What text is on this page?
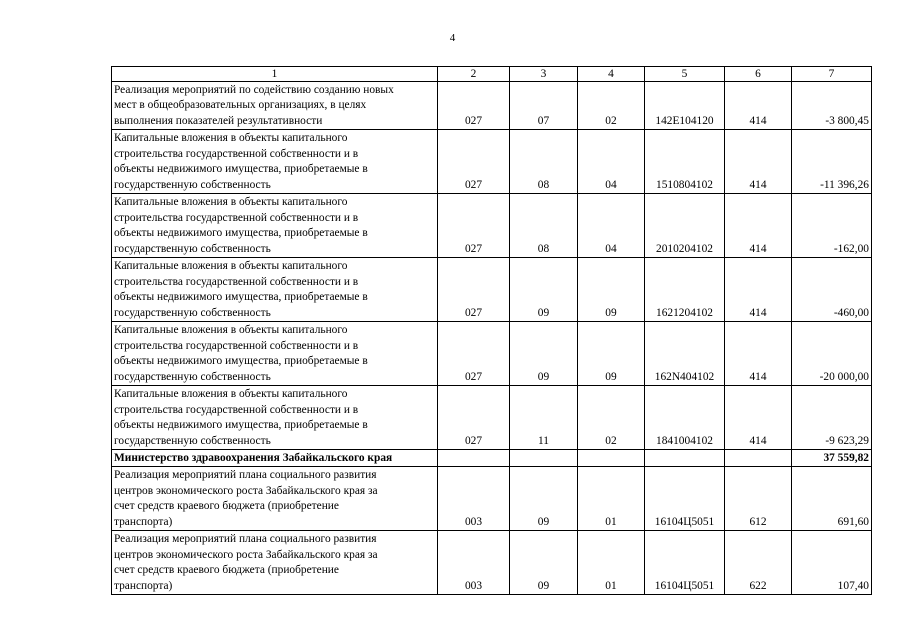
4
1	2	3	4	5	6	7
Реализация мероприятий по содействию созданию новых
мест в общеобразовательных организациях, в целях
выполнения показателей результативности	027	07	02	142E104120	414	-3 800,45
Капитальные вложения в объекты капитального
строительства государственной собственности и в
объекты недвижимого имущества, приобретаемые в
государственную собственность	027	08	04	1510804102	414	-11 396,26
Капитальные вложения в объекты капитального
строительства государственной собственности и в
объекты недвижимого имущества, приобретаемые в
государственную собственность	027	08	04	2010204102	414	-162,00
Капитальные вложения в объекты капитального
строительства государственной собственности и в
объекты недвижимого имущества, приобретаемые в
государственную собственность	027	09	09	1621204102	414	-460,00
Капитальные вложения в объекты капитального
строительства государственной собственности и в
объекты недвижимого имущества, приобретаемые в
государственную собственность	027	09	09	162N404102	414	-20 000,00
Капитальные вложения в объекты капитального
строительства государственной собственности и в
объекты недвижимого имущества, приобретаемые в
государственную собственность	027	11	02	1841004102	414	-9 623,29
Министерство здравоохранения Забайкальского края						37 559,82
Реализация мероприятий плана социального развития
центров экономического роста Забайкальского края за
счет средств краевого бюджета (приобретение
транспорта)	003	09	01	16104Ц5051	612	691,60
Реализация мероприятий плана социального развития
центров экономического роста Забайкальского края за
счет средств краевого бюджета (приобретение
транспорта)	003	09	01	16104Ц5051	622	107,40
